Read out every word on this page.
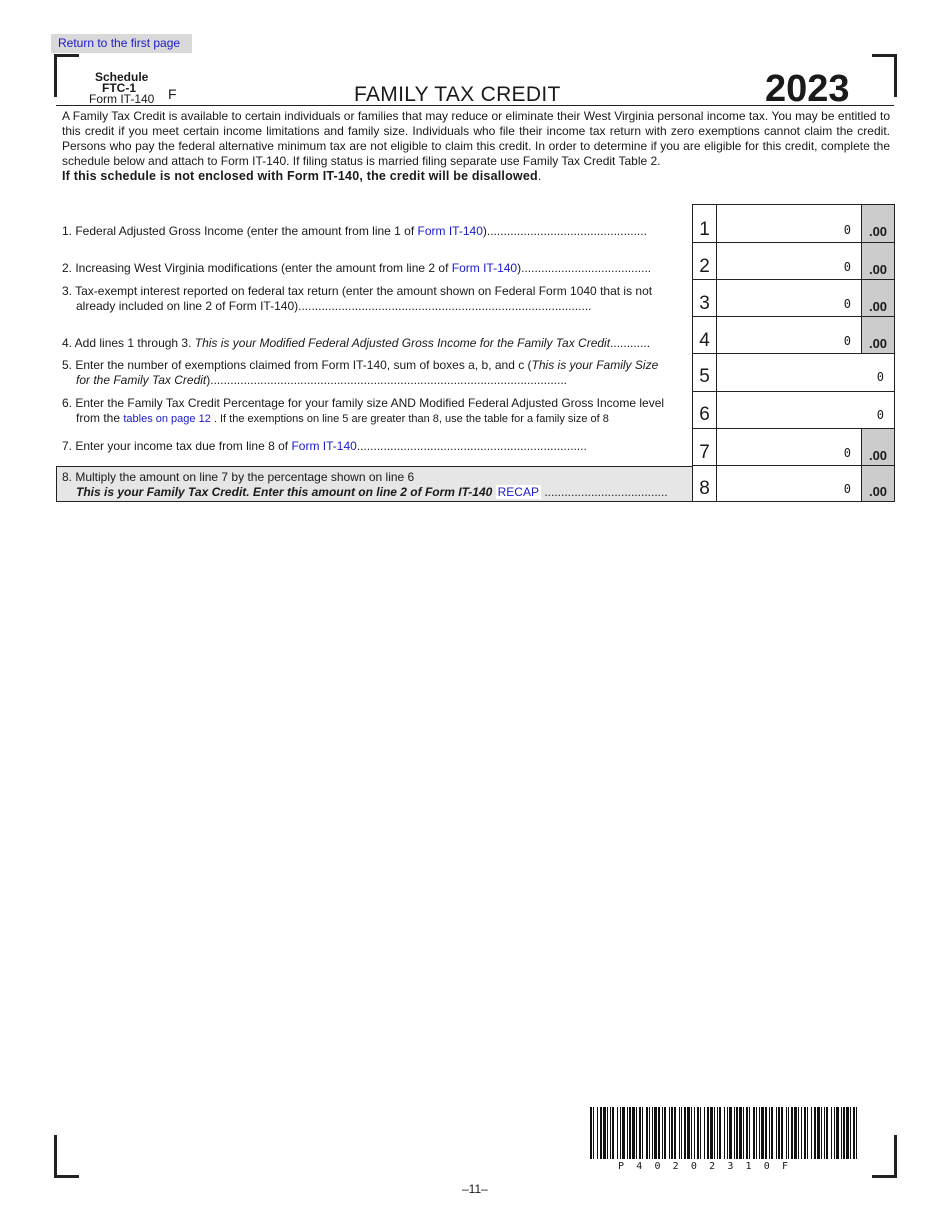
Return to the first page
Schedule
FTC-1
Form IT-140 F	FAMILY TAX CREDIT	2023
A Family Tax Credit is available to certain individuals or families that may reduce or eliminate their West Virginia personal income tax. You may be entitled to this credit if you meet certain income limitations and family size. Individuals who file their income tax return with zero exemptions cannot claim the credit. Persons who pay the federal alternative minimum tax are not eligible to claim this credit. In order to determine if you are eligible for this credit, complete the schedule below and attach to Form IT-140. If filing status is married filing separate use Family Tax Credit Table 2.
If this schedule is not enclosed with Form IT-140, the credit will be disallowed.
1. Federal Adjusted Gross Income (enter the amount from line 1 of Form IT-140)................................................
2. Increasing West Virginia modifications (enter the amount from line 2 of Form IT-140).......................................
3. Tax-exempt interest reported on federal tax return (enter the amount shown on Federal Form 1040 that is not
already included on line 2 of Form IT-140)........................................................................................
4. Add lines 1 through 3. This is your Modified Federal Adjusted Gross Income for the Family Tax Credit............
5. Enter the number of exemptions claimed from Form IT-140, sum of boxes a, b, and c (This is your Family Size
for the Family Tax Credit)...........................................................................................................
6. Enter the Family Tax Credit Percentage for your family size AND Modified Federal Adjusted Gross Income level
from the tables on page 12 . If the exemptions on line 5 are greater than 8, use the table for a family size of 8
7. Enter your income tax due from line 8 of Form IT-140.....................................................................
8. Multiply the amount on line 7 by the percentage shown on line 6
This is your Family Tax Credit. Enter this amount on line 2 of Form IT-140 RECAP .....................................
1	0	.00
2	0	.00
3	0	.00
4	0	.00
5	0
6	0
7	0	.00
8	0	.00
P40202310F
–11–
